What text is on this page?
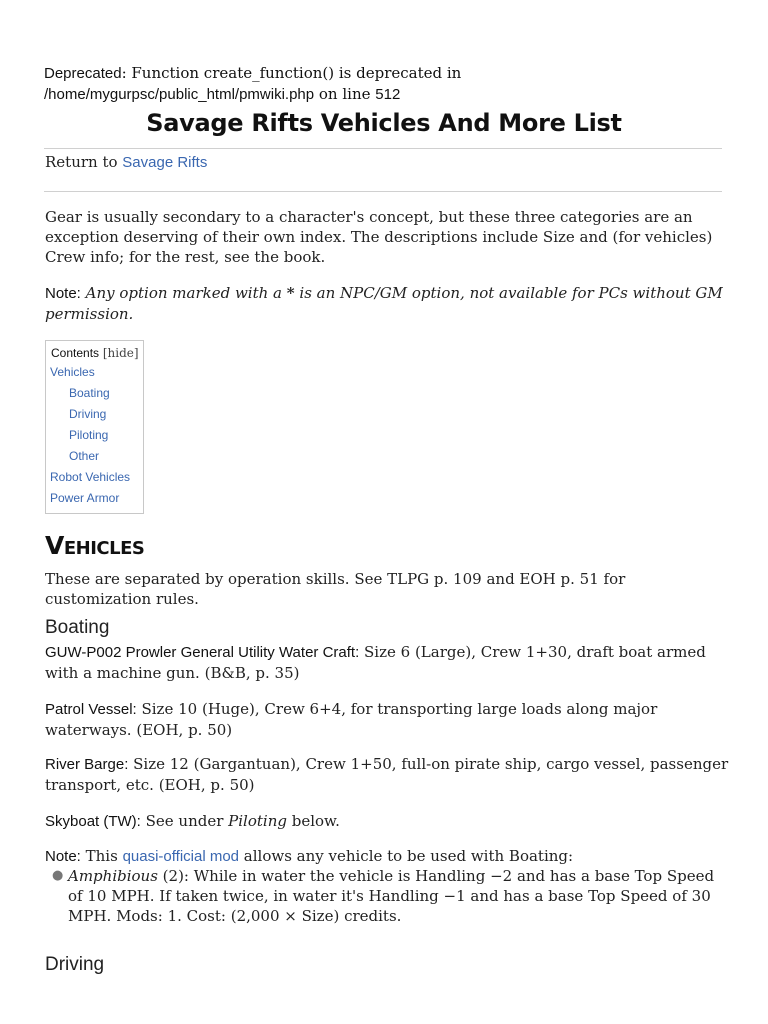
Deprecated: Function create_function() is deprecated in
/home/mygurpsc/public_html/pmwiki.php on line 512
Savage Rifts Vehicles And More List
Return to Savage Rifts

Gear is usually secondary to a character's concept, but these three categories are an exception deserving of their own index. The descriptions include Size and (for vehicles) Crew info; for the rest, see the book.

Note: Any option marked with a * is an NPC/GM option, not available for PCs without GM permission.

Contents [hide]
Vehicles
Boating
Driving
Piloting
Other
Robot Vehicles
Power Armor
Vehicles

These are separated by operation skills. See TLPG p. 109 and EOH p. 51 for customization rules.

Boating

GUW-P002 Prowler General Utility Water Craft: Size 6 (Large), Crew 1+30, draft boat armed with a machine gun. (B&B, p. 35)

Patrol Vessel: Size 10 (Huge), Crew 6+4, for transporting large loads along major waterways. (EOH, p. 50)

River Barge: Size 12 (Gargantuan), Crew 1+50, full-on pirate ship, cargo vessel, passenger transport, etc. (EOH, p. 50)

Skyboat (TW): See under Piloting below.

Note: This quasi-official mod allows any vehicle to be used with Boating:

● Amphibious (2): While in water the vehicle is Handling −2 and has a base Top Speed of 10 MPH. If taken twice, in water it's Handling −1 and has a base Top Speed of 30 MPH. Mods: 1. Cost: (2,000 × Size) credits.

Driving
